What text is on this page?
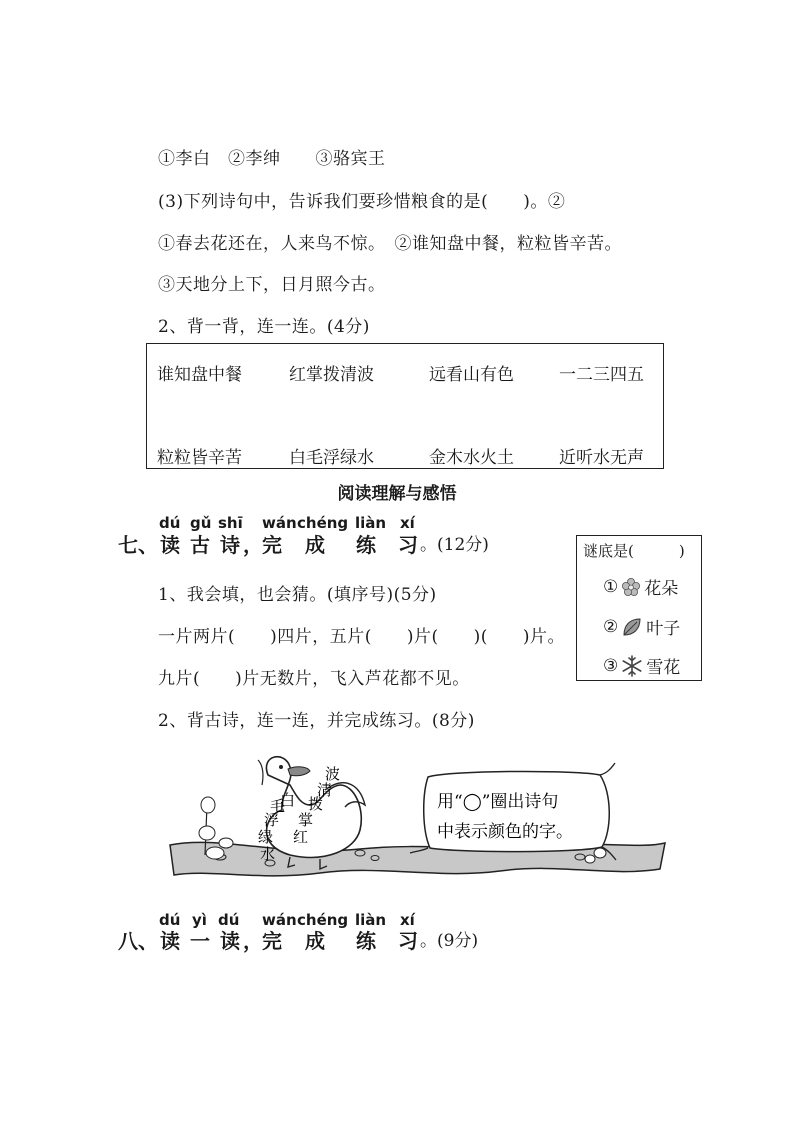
①李白　②李绅　　③骆宾王
(3)下列诗句中，告诉我们要珍惜粮食的是(　　)。②
①春去花还在，人来鸟不惊。　 ②谁知盘中餐，粒粒皆辛苦。
③天地分上下，日月照今古。
2、背一背，连一连。(4分)
谁知盘中餐	红掌拨清波	远看山有色	一二三四五
粒粒皆辛苦	白毛浮绿水	金木水火土	近听水无声
阅读理解与感悟
dú gǔ shī wán chéng liàn xí
七、 读 古 诗 ， 完 成 练 习 。(12分)
1、我会填，也会猜。(填序号)(5分)
一片两片(　　)四片，五片(　　)片(　　)(　　)片。
九片(　　)片无数片，飞入芦花都不见。
2、背古诗，连一连，并完成练习。(8分)
谜底是(　　　)
① 花朵
② 叶子
③ 雪花
波
清
拨
掌
红
毛
白
浮
绿
水
用“◯”圈出诗句
中表示颜色的字。
dú yì dú wán chéng liàn xí
八、 读 一 读 ， 完 成 练 习 。(9分)
